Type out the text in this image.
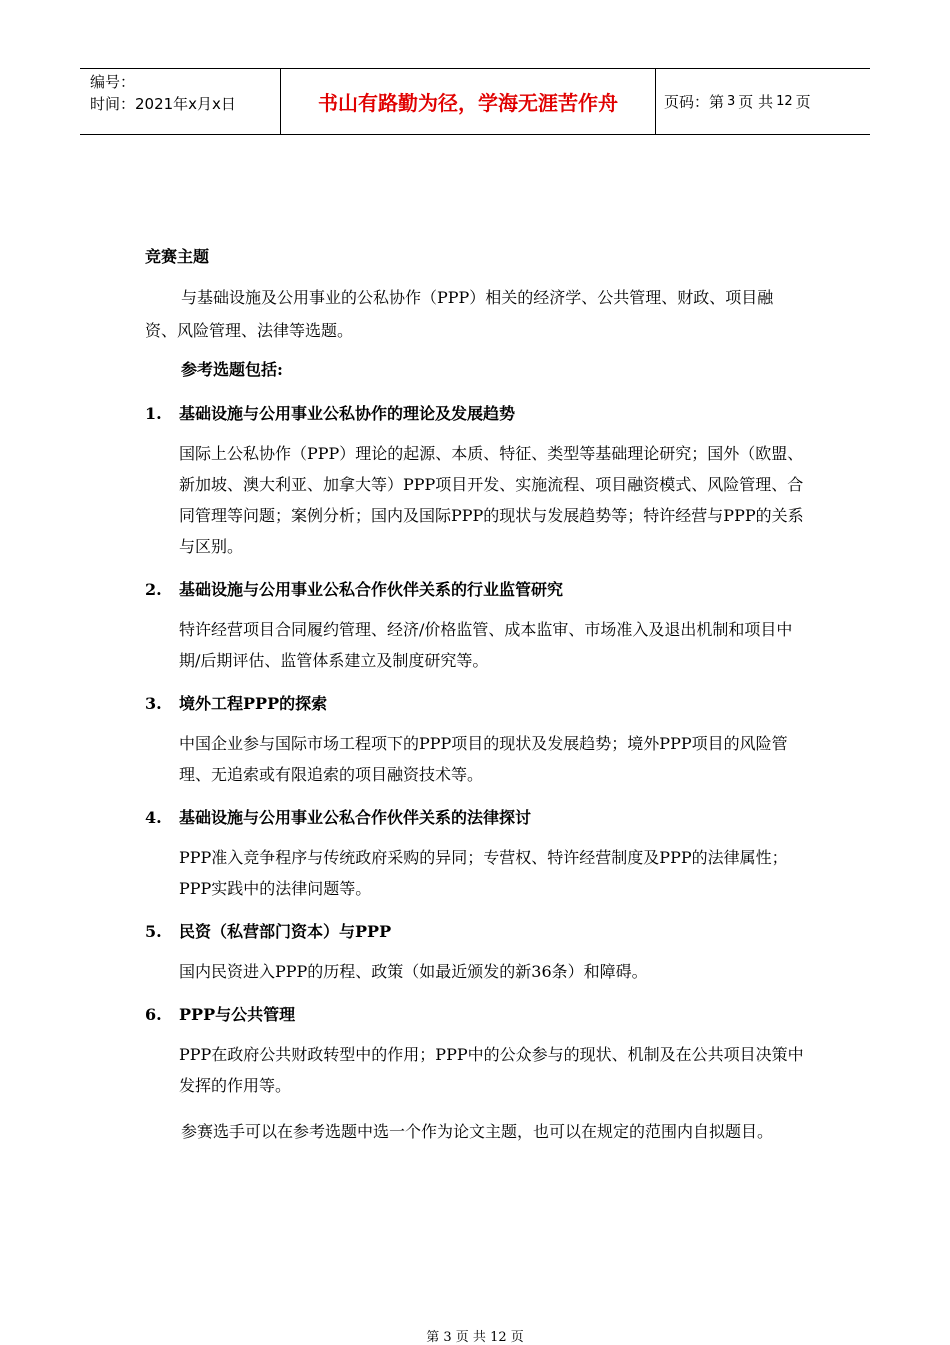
编号：
时间：2021年x月x日	书山有路勤为径，学海无涯苦作舟	页码：第 3 页 共 12 页
竞赛主题
与基础设施及公用事业的公私协作（PPP）相关的经济学、公共管理、财政、项目融资、风险管理、法律等选题。
参考选题包括:
1.	基础设施与公用事业公私协作的理论及发展趋势
国际上公私协作（PPP）理论的起源、本质、特征、类型等基础理论研究；国外（欧盟、新加坡、澳大利亚、加拿大等）PPP项目开发、实施流程、项目融资模式、风险管理、合同管理等问题；案例分析；国内及国际PPP的现状与发展趋势等；特许经营与PPP的关系与区别。
2.	基础设施与公用事业公私合作伙伴关系的行业监管研究
特许经营项目合同履约管理、经济/价格监管、成本监审、市场准入及退出机制和项目中期/后期评估、监管体系建立及制度研究等。
3.	境外工程PPP的探索
中国企业参与国际市场工程项下的PPP项目的现状及发展趋势；境外PPP项目的风险管理、无追索或有限追索的项目融资技术等。
4.	基础设施与公用事业公私合作伙伴关系的法律探讨
PPP准入竞争程序与传统政府采购的异同；专营权、特许经营制度及PPP的法律属性；PPP实践中的法律问题等。
5.	民资（私营部门资本）与PPP
国内民资进入PPP的历程、政策（如最近颁发的新36条）和障碍。
6.	PPP与公共管理
PPP在政府公共财政转型中的作用；PPP中的公众参与的现状、机制及在公共项目决策中发挥的作用等。
参赛选手可以在参考选题中选一个作为论文主题，也可以在规定的范围内自拟题目。
第 3 页 共 12 页
